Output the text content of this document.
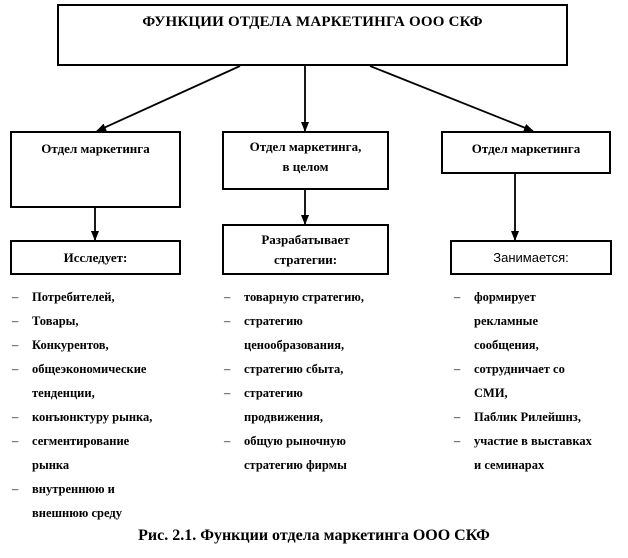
ФУНКЦИИ ОТДЕЛА МАРКЕТИНГА ООО СКФ
Отдел маркетинга
Исследует:
– Потребителей,
– Товары,
– Конкурентов,
– общеэкономические
тенденции,
– конъюнктуру рынка,
– сегментирование
рынка
– внутреннюю и
внешнюю среду
Отдел маркетинга,
в целом
Разрабатывает
стратегии:
– товарную стратегию,
– стратегию
ценообразования,
– стратегию сбыта,
– стратегию
продвижения,
– общую рыночную
стратегию фирмы
Отдел маркетинга
Занимается:
– формирует
рекламные
сообщения,
– сотрудничает со
СМИ,
– Паблик Рилейшнз,
– участие в выставках
и семинарах
Рис. 2.1. Функции отдела маркетинга ООО СКФ
